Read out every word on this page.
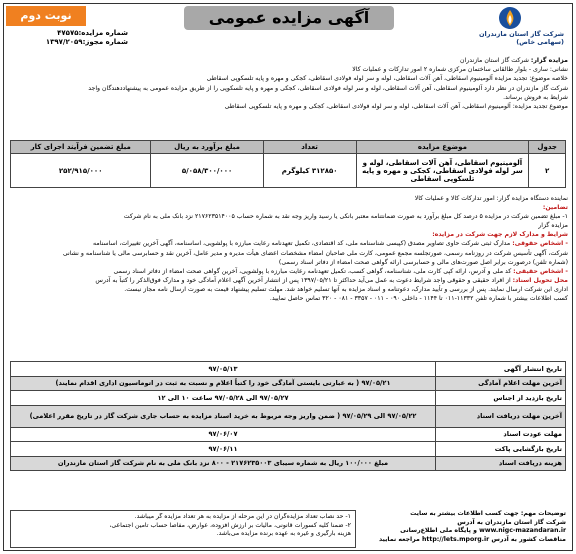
شرکت گاز استان مازندران
(سهامی خاص)
آگهی مزایده عمومی
نوبت دوم
شماره مزایده:۴۷۵۷۵
شماره مجوز:۱۳۹۷/۲۰۵۹

مزایده گزار: شرکت گاز استان مازندران

نشانی: ساری - بلوار طالقانی ساختمان مرکزی شماره ۲ امور تدارکات و عملیات کالا

خلاصه موضوع: تجدید مزایده آلومینیوم اسقاطی، آهن آلات اسقاطی، لوله و سر لوله فولادی اسقاطی، کجکی و مهره و پایه تلسکوپی اسقاطی

شرکت گاز مازندران در نظر دارد آلومینیوم اسقاطی، آهن آلات اسقاطی، لوله و سر لوله فولادی اسقاطی، کجکی و مهره و پایه تلسکوپی را از طریق مزایده عمومی به پیشنهاددهندگان واجد

شرایط به فروش برساند.

موضوع تجدید مزایده: آلومینیوم اسقاطی، آهن آلات اسقاطی، لوله و سر لوله فولادی اسقاطی، کجکی و مهره و پایه تلسکوپی اسقاطی

جدول	موضوع مزایده	تعداد	مبلغ برآورد به ریال	مبلغ تضمین فرآیند اجرای کار
۲	آلومینیوم اسقاطی، آهن آلات اسقاطی، لوله و سر لوله فولادی اسقاطی، کجکی و مهره و پایه تلسکوپی اسقاطی	۳۱۲۸۵۰ کیلوگرم	۵/۰۵۸/۳۰۰/۰۰۰	۲۵۲/۹۱۵/۰۰۰

نماینده دستگاه مزایده گزار: امور تدارکات کالا و عملیات کالا

تضامین:

۱- مبلغ تضمین شرکت در مزایده ۵ درصد کل مبلغ برآورد به صورت ضمانتنامه معتبر بانکی یا رسید واریز وجه نقد به شماره حساب ۲۱۷۶۲۳۵۱۴۰۰۵ نزد بانک ملی به نام شرکت

مزایده گزار

شرایط و مدارک لازم جهت شرکت در مزایده:

- اشخاص حقوقی: مدارک ثبتی شرکت حاوی تصاویر مصدق (کپیسی شناسنامه ملی، کد اقتصادی، تکمیل تعهدنامه رعایت مبارزه با پولشویی، اساسنامه، آگهی آخرین تغییرات، اساسنامه

شرکت، آگهی تأسیس شرکت در روزنامه رسمی، صورتجلسه مجمع عمومی، کارت ملی صاحبان امضاء مشخصات اعضای هیأت مدیره و مدیر عامل، آخرین نقد و حسابرسی مالی یا شناسنامه و نشانی

(شماره تلفن) درصورت برابر اصل صورت‌های مالی و حسابرسی ارائه گواهی صحت امضاء از دفاتر اسناد رسمی)

- اشخاص حقیقی: کد ملی و آدرس، ارائه کپی کارت ملی، شناسنامه، گواهی کسب، تکمیل تعهدنامه رعایت مبارزه با پولشویی، آخرین گواهی صحت امضاء از دفاتر اسناد رسمی

محل تحویل اسناد: از افراد حقیقی و حقوقی واجد شرایط دعوت به عمل می‌آید حداکثر تا ۱۳۹۷/۰۵/۲۱ پس از انتشار آخرین آگهی اعلام آمادگی خود و مدارک فوق‌الذکر را کتباً به آدرس

اداری این شرکت ارسال نمایند. پس از بررسی و تأیید مدارک، دعوتنامه و اسناد مزایده به آنها تسلیم خواهد شد. مهلت تسلیم پیشنهاد قیمت به صورت ارسال نامه مجاز نیست.

کسب اطلاعات بیشتر با شماره تلفن ۱۱۳۳۲-۰۱۱ تا ۱۱۴۴ - داخلی ۰۹۰ - ۰۱۱ - ۳۳۵۷ - ۰۸۱ - ۳۲۰ تماس حاصل نمایید.

تاریخ انتشار آگهی	۹۷/۰۵/۱۳
آخرین مهلت اعلام آمادگی	۹۷/۰۵/۲۱ ( به عبارتی بایستی آمادگی خود را کتباً اعلام و نسبت به ثبت در اتوماسیون اداری اقدام نمایند)
تاریخ بازدید از اجناس	۹۷/۰۵/۲۷ الی ۹۷/۰۵/۲۸ ساعت ۱۰ الی ۱۲
آخرین مهلت دریافت اسناد	۹۷/۰۵/۲۲ الی ۹۷/۰۵/۲۹ ( ضمن واریز وجه مربوط به خرید اسناد مزایده به حساب جاری شرکت گاز در تاریخ مقرر اعلامی)
مهلت عودت اسناد	۹۷/۰۶/۰۷
تاریخ بازگشایی پاکت	۹۷/۰۶/۱۱
هزینه دریافت اسناد	مبلغ ۱۰۰/۰۰۰ ریال به شماره سیبای ۲۱۷۶۲۳۵۰۰۳ - ۸۰۰ نزد بانک ملی به نام شرکت گاز استان مازندران
توضیحات مهم: جهت کسب اطلاعات بیشتر به سایت
شرکت گاز استان مازندران به آدرس
www.nigc-mazandaran.ir و پایگاه ملی اطلاع‌رسانی
مناقصات کشور به آدرس http://lets.mporg.ir مراجعه نمایید

۱- حد نصاب تعداد مزایده‌گران در این مرحله از مزایده به هر تعداد مزایده گر میباشد.

۲- ضمناً کلیه کسورات قانونی، مالیات بر ارزش افزوده، عوارض، مفاصا حساب تأمین اجتماعی،

هزینه بارگیری و غیره به عهده برنده مزایده می‌باشد.
